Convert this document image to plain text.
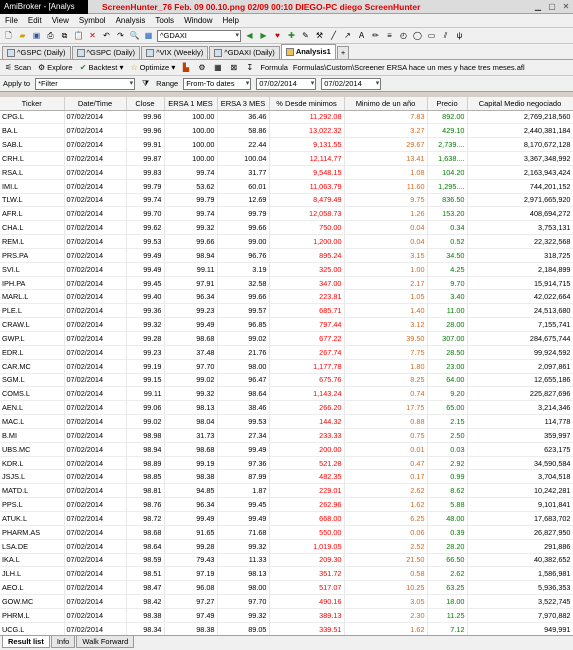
AmiBroker - [Analys	ScreenHunter_76 Feb. 09 00.10.png 02/09 00:10 DIEGO-PC diego ScreenHunter	▁ ▢ ✕
File	Edit	View	Symbol	Analysis	Tools	Window	Help
🗋 ▰ ▣ ⎙ ⧉ 📋 ✕ ↶ ↷ 🔍 ▦	^GDAXI ▾	◀ ▶	♥	✚ ✎ ⚒	╱	↗ A ✏	≡	◴ ◯ ▭	⫽	ψ
^GSPC (Daily)	^GSPC (Daily)	^VIX (Weekly)	^GDAXI (Daily)	Analysis1 +
⚟ Scan ⚙ Explore ✔ Backtest ▾ ☆ Optimize ▾ ▙	⚙ ▦ ⊠ ↧ Formula Formulas\Custom\Screener ERSA hace un mes y hace tres meses.afl
Apply to	*Filter ▾	⧩ Range	From-To dates ▾	07/02/2014 ▾	07/02/2014 ▾
Ticker	Date/Time	Close	ERSA 1 MES	ERSA 3 MES	% Desde minimos	Minimo de un año	Precio	Capital Medio negociado
CPG.L	07/02/2014	99.96	100.00	36.46	11,292.08	7.83	892.00	2,769,218,560
BA.L	07/02/2014	99.96	100.00	58.86	13,022.32	3.27	429.10	2,440,381,184
SAB.L	07/02/2014	99.91	100.00	22.44	9,131.55	29.67	2,739....	8,170,672,128
CRH.L	07/02/2014	99.87	100.00	100.04	12,114.77	13.41	1,638....	3,367,348,992
RSA.L	07/02/2014	99.83	99.74	31.77	9,548.15	1.08	104.20	2,163,943,424
IMI.L	07/02/2014	99.79	53.62	60.01	11,063.79	11.60	1,295....	744,201,152
TLW.L	07/02/2014	99.74	99.79	12.69	8,479.49	9.75	836.50	2,971,665,920
AFR.L	07/02/2014	99.70	99.74	99.79	12,058.73	1.26	153.20	408,694,272
CHA.L	07/02/2014	99.62	99.32	99.66	750.00	0.04	0.34	3,753,131
REM.L	07/02/2014	99.53	99.66	99.00	1,200.00	0.04	0.52	22,322,568
PRS.PA	07/02/2014	99.49	98.94	96.76	895.24	3.15	34.50	318,725
SVI.L	07/02/2014	99.49	99.11	3.19	325.00	1.00	4.25	2,184,899
IPH.PA	07/02/2014	99.45	97.91	32.58	347.00	2.17	9.70	15,914,715
MARL.L	07/02/2014	99.40	96.34	99.66	223.81	1.05	3.40	42,022,664
PLE.L	07/02/2014	99.36	99.23	99.57	685.71	1.40	11.00	24,513,680
CRAW.L	07/02/2014	99.32	99.49	96.85	797.44	3.12	28.00	7,155,741
GWP.L	07/02/2014	99.28	98.68	99.02	677.22	39.50	307.00	284,675,744
EDR.L	07/02/2014	99.23	37.48	21.76	267.74	7.75	28.50	99,924,592
CAR.MC	07/02/2014	99.19	97.70	98.00	1,177.78	1.80	23.00	2,097,861
SGM.L	07/02/2014	99.15	99.02	96.47	675.76	8.25	64.00	12,655,186
COMS.L	07/02/2014	99.11	99.32	98.64	1,143.24	0.74	9.20	225,827,696
AEN.L	07/02/2014	99.06	98.13	38.46	266.20	17.75	65.00	3,214,346
MAC.L	07/02/2014	99.02	98.04	99.53	144.32	0.88	2.15	114,778
B.MI	07/02/2014	98.98	31.73	27.34	233.33	0.75	2.50	359,997
UBS.MC	07/02/2014	98.94	98.68	99.49	200.00	0.01	0.03	623,175
KDR.L	07/02/2014	98.89	99.19	97.36	521.28	0.47	2.92	34,590,584
JSJS.L	07/02/2014	98.85	98.38	87.99	482.35	0.17	0.99	3,704,518
MATD.L	07/02/2014	98.81	94.85	1.87	229.01	2.62	8.62	10,242,281
PPS.L	07/02/2014	98.76	96.34	99.45	262.96	1.62	5.88	9,101,841
ATUK.L	07/02/2014	98.72	99.49	99.49	668.00	6.25	48.00	17,683,702
PHARM.AS	07/02/2014	98.68	91.65	71.68	550.00	0.06	0.39	26,827,950
LSA.DE	07/02/2014	98.64	99.28	99.32	1,019.05	2.52	28.20	291,886
IKA.L	07/02/2014	98.59	79.43	11.33	209.30	21.50	66.50	40,382,652
JLH.L	07/02/2014	98.51	97.19	98.13	351.72	0.58	2.62	1,586,981
AEO.L	07/02/2014	98.47	96.08	98.00	517.07	10.25	63.25	5,936,353
GOW.MC	07/02/2014	98.42	97.27	97.70	490.16	3.05	18.00	3,522,745
PHRM.L	07/02/2014	98.38	97.49	99.32	389.13	2.30	11.25	7,970,882
UCG.L	07/02/2014	98.34	98.38	89.05	339.51	1.62	7.12	949,991

Result list	Info	Walk Forward
